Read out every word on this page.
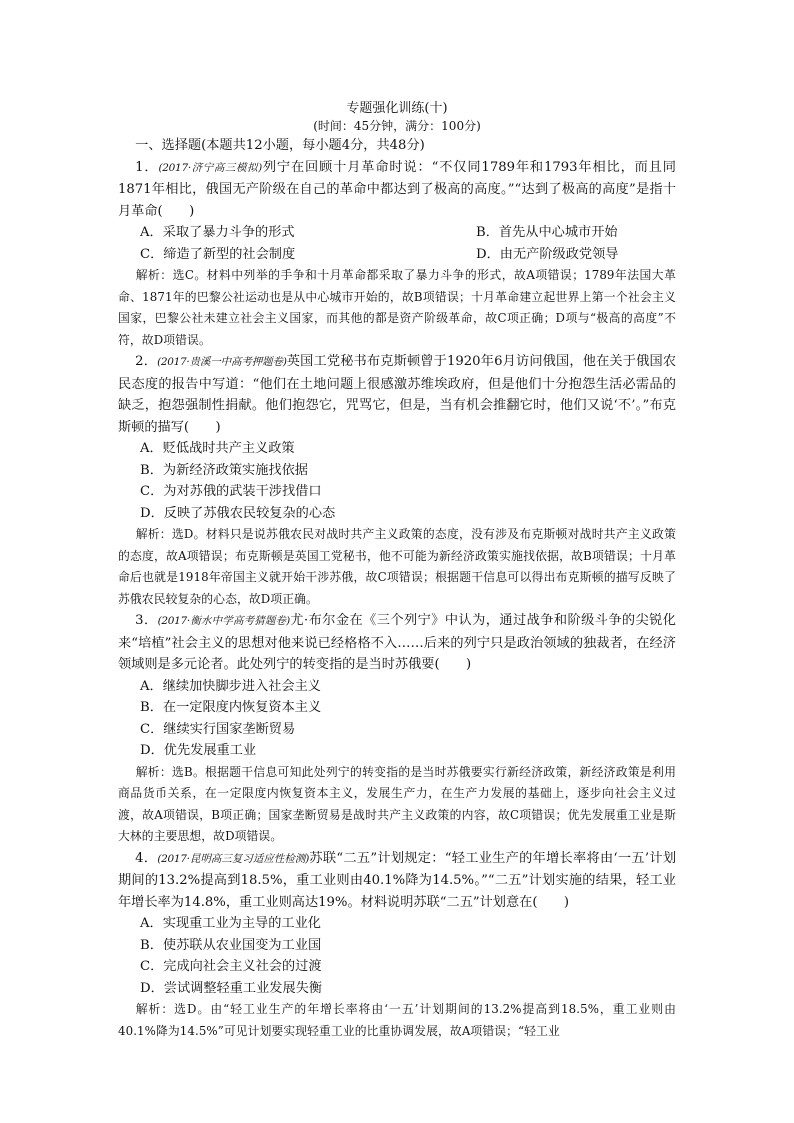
专题强化训练(十)

(时间：45分钟，满分：100分)

一、选择题(本题共12小题，每小题4分，共48分)

1．(2017·济宁高三模拟)列宁在回顾十月革命时说：“不仅同1789年和1793年相比，而且同1871年相比，俄国无产阶级在自己的革命中都达到了极高的高度。”“达到了极高的高度”是指十月革命(　　)

A．采取了暴力斗争的形式	B．首先从中心城市开始
C．缔造了新型的社会制度	D．由无产阶级政党领导

解析：选C。材料中列举的手争和十月革命都采取了暴力斗争的形式，故A项错误；1789年法国大革命、1871年的巴黎公社运动也是从中心城市开始的，故B项错误；十月革命建立起世界上第一个社会主义国家，巴黎公社未建立社会主义国家，而其他的都是资产阶级革命，故C项正确；D项与“极高的高度”不符，故D项错误。

2．(2017·贵溪一中高考押题卷)英国工党秘书布克斯顿曾于1920年6月访问俄国，他在关于俄国农民态度的报告中写道：“他们在土地问题上很感激苏维埃政府，但是他们十分抱怨生活必需品的缺乏，抱怨强制性捐献。他们抱怨它，咒骂它，但是，当有机会推翻它时，他们又说‘不’。”布克斯顿的描写(　　)

A．贬低战时共产主义政策

B．为新经济政策实施找依据

C．为对苏俄的武装干涉找借口

D．反映了苏俄农民较复杂的心态

解析：选D。材料只是说苏俄农民对战时共产主义政策的态度，没有涉及布克斯顿对战时共产主义政策的态度，故A项错误；布克斯顿是英国工党秘书，他不可能为新经济政策实施找依据，故B项错误；十月革命后也就是1918年帝国主义就开始干涉苏俄，故C项错误；根据题干信息可以得出布克斯顿的描写反映了苏俄农民较复杂的心态，故D项正确。

3．(2017·衡水中学高考猜题卷)尤·布尔金在《三个列宁》中认为，通过战争和阶级斗争的尖锐化来“培植”社会主义的思想对他来说已经格格不入……后来的列宁只是政治领域的独裁者，在经济领域则是多元论者。此处列宁的转变指的是当时苏俄要(　　)

A．继续加快脚步进入社会主义

B．在一定限度内恢复资本主义

C．继续实行国家垄断贸易

D．优先发展重工业

解析：选B。根据题干信息可知此处列宁的转变指的是当时苏俄要实行新经济政策，新经济政策是利用商品货币关系，在一定限度内恢复资本主义，发展生产力，在生产力发展的基础上，逐步向社会主义过渡，故A项错误，B项正确；国家垄断贸易是战时共产主义政策的内容，故C项错误；优先发展重工业是斯大林的主要思想，故D项错误。

4．(2017·昆明高三复习适应性检测)苏联“二五”计划规定：“轻工业生产的年增长率将由‘一五’计划期间的13.2%提高到18.5%，重工业则由40.1%降为14.5%。”“二五”计划实施的结果，轻工业年增长率为14.8%，重工业则高达19%。材料说明苏联“二五”计划意在(　　)

A．实现重工业为主导的工业化

B．使苏联从农业国变为工业国

C．完成向社会主义社会的过渡

D．尝试调整轻重工业发展失衡

解析：选D。由“轻工业生产的年增长率将由‘一五’计划期间的13.2%提高到18.5%，重工业则由40.1%降为14.5%”可见计划要实现轻重工业的比重协调发展，故A项错误；“轻工业
